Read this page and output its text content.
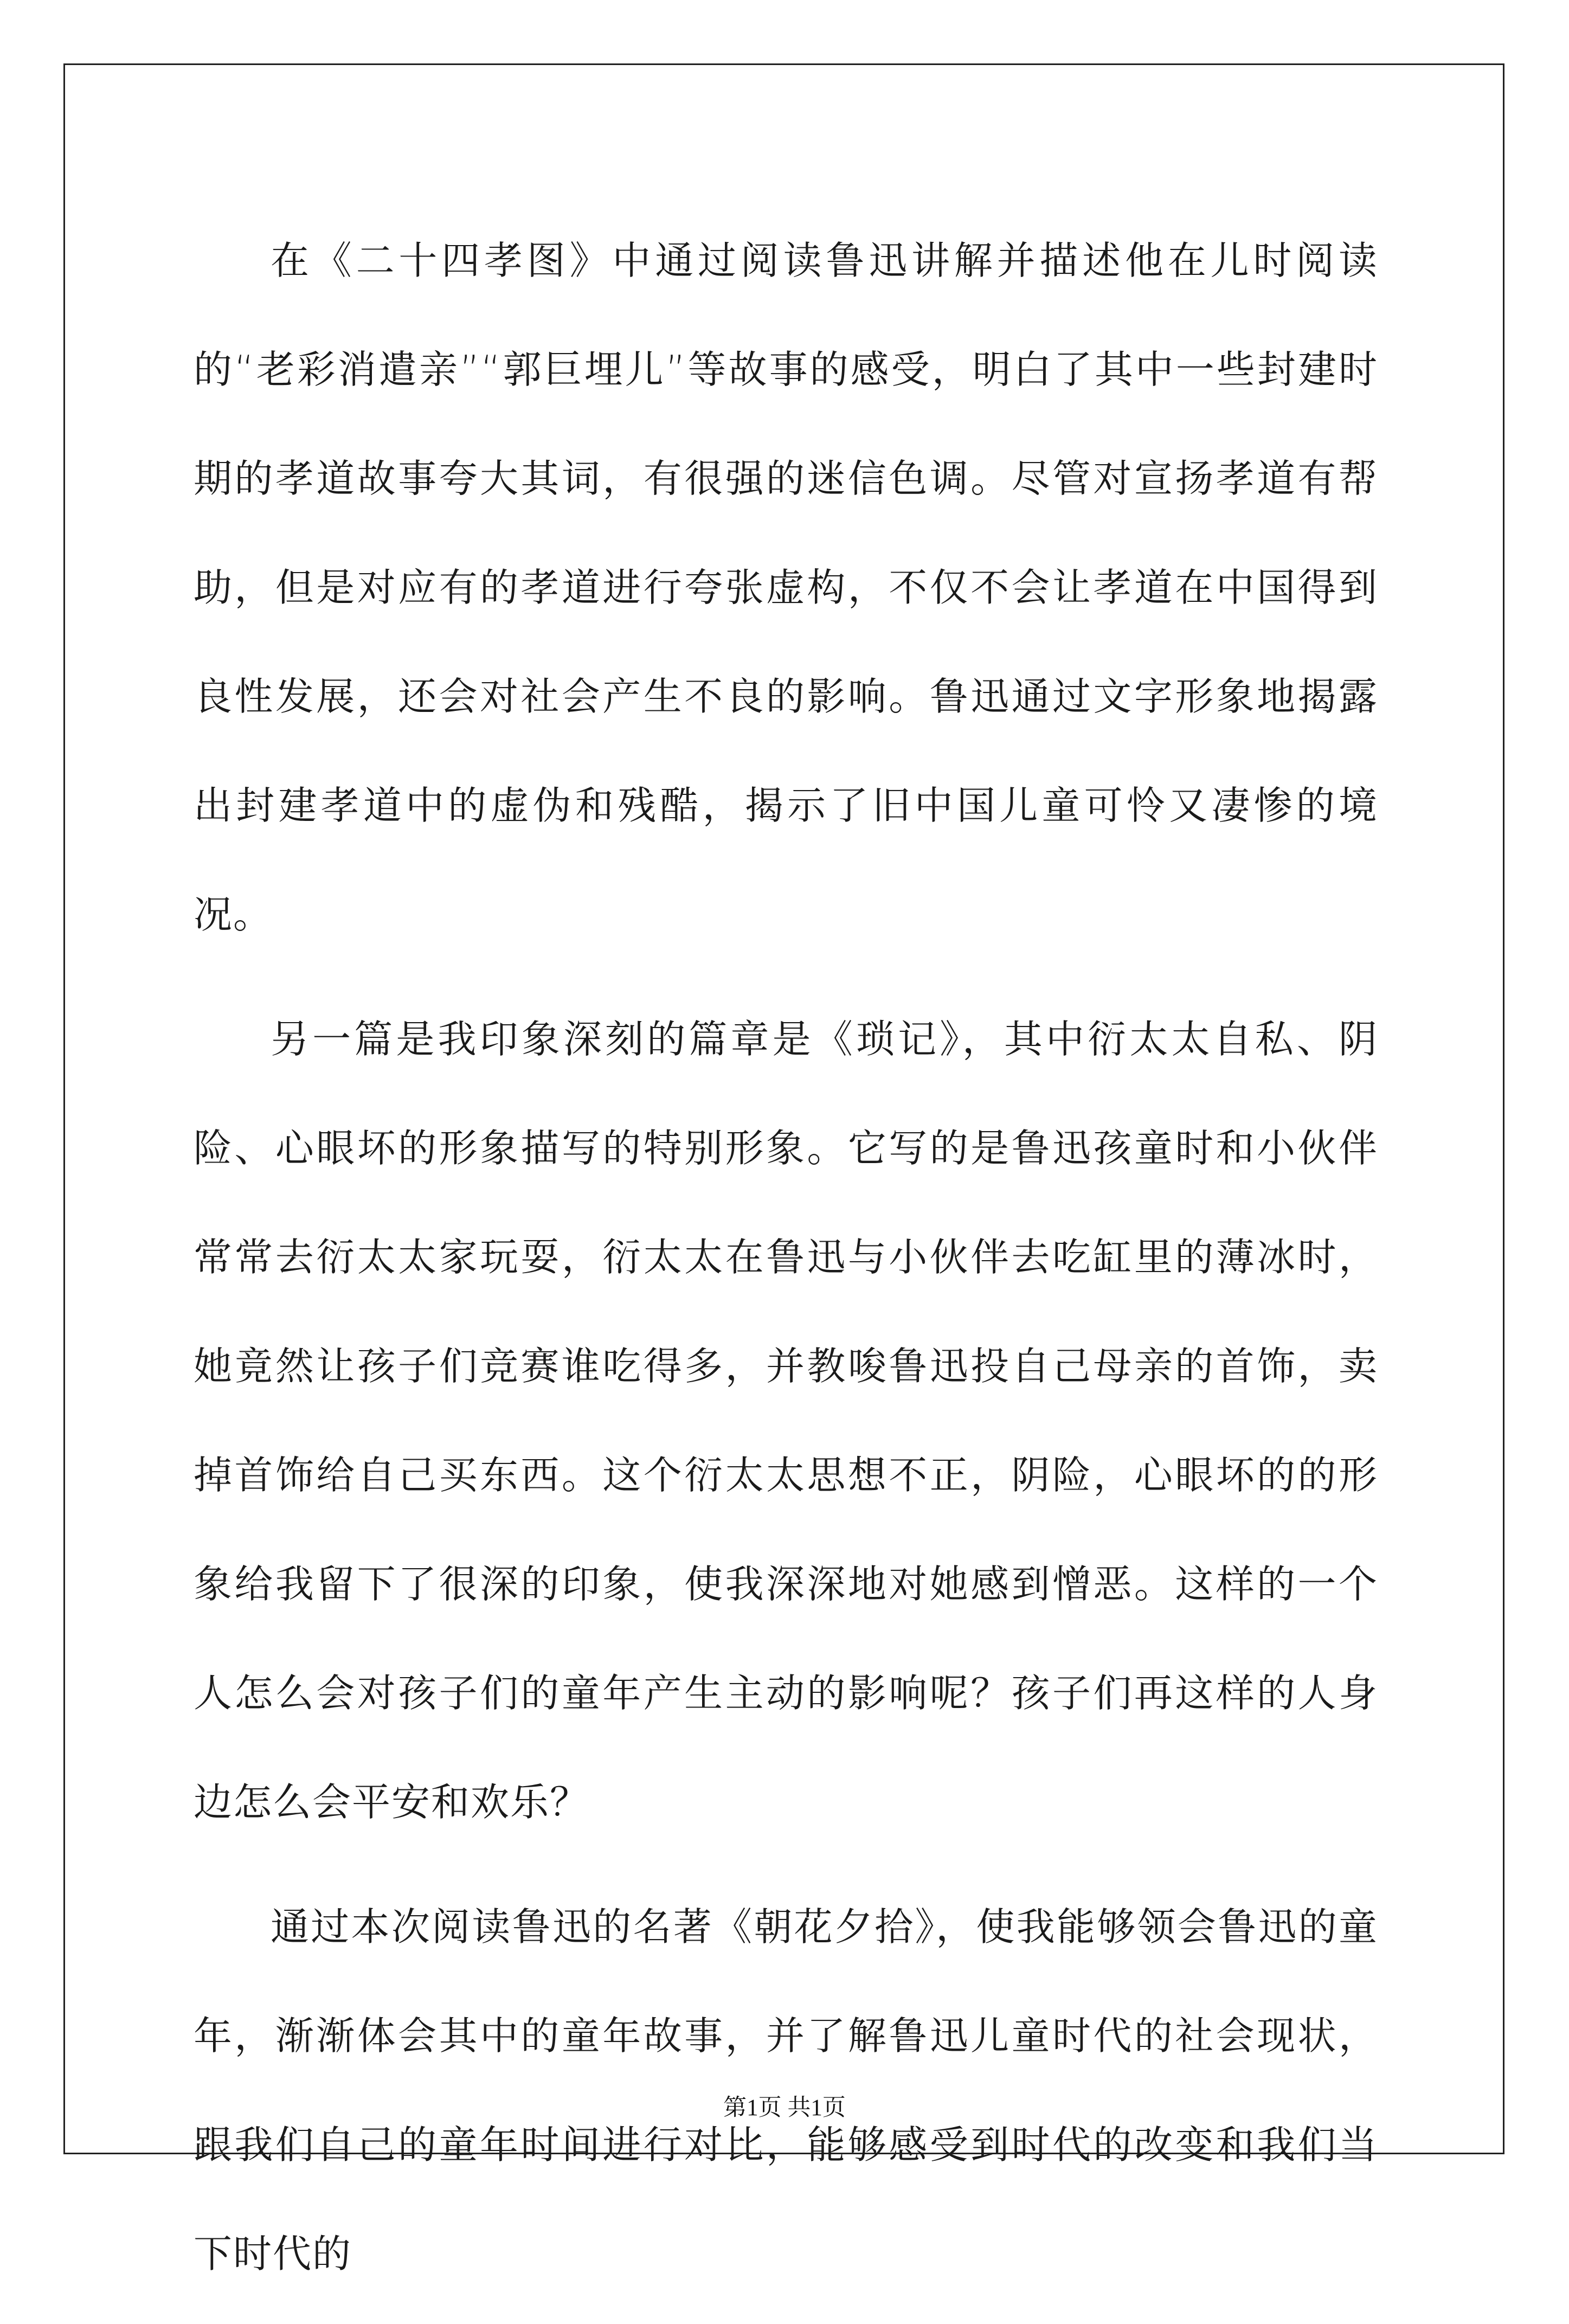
在《二十四孝图》中通过阅读鲁迅讲解并描述他在儿时阅读的“老彩消遣亲”“郭巨埋儿”等故事的感受，明白了其中一些封建时期的孝道故事夸大其词，有很强的迷信色调。尽管对宣扬孝道有帮助，但是对应有的孝道进行夸张虚构，不仅不会让孝道在中国得到良性发展，还会对社会产生不良的影响。鲁迅通过文字形象地揭露出封建孝道中的虚伪和残酷，揭示了旧中国儿童可怜又凄惨的境况。

另一篇是我印象深刻的篇章是《琐记》，其中衍太太自私、阴险、心眼坏的形象描写的特别形象。它写的是鲁迅孩童时和小伙伴常常去衍太太家玩耍，衍太太在鲁迅与小伙伴去吃缸里的薄冰时，她竟然让孩子们竞赛谁吃得多，并教唆鲁迅投自己母亲的首饰，卖掉首饰给自己买东西。这个衍太太思想不正，阴险，心眼坏的的形象给我留下了很深的印象，使我深深地对她感到憎恶。这样的一个人怎么会对孩子们的童年产生主动的影响呢？孩子们再这样的人身边怎么会平安和欢乐？

通过本次阅读鲁迅的名著《朝花夕拾》，使我能够领会鲁迅的童年，渐渐体会其中的童年故事，并了解鲁迅儿童时代的社会现状，跟我们自己的童年时间进行对比，能够感受到时代的改变和我们当下时代的

第1页 共1页
